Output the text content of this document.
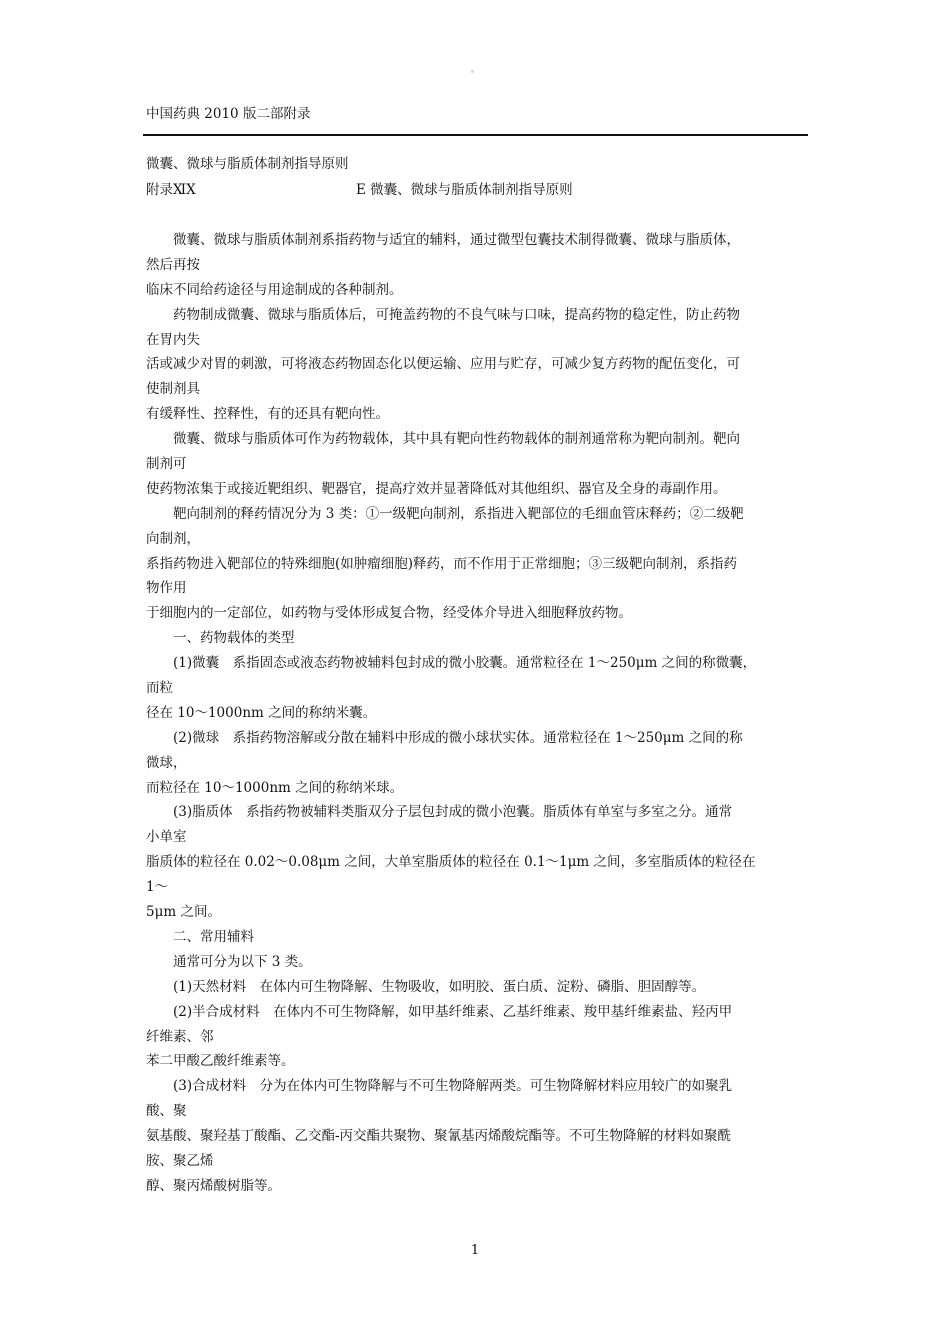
中国药典 2010 版二部附录
微囊、微球与脂质体制剂指导原则
附录ⅪⅩ	E 微囊、微球与脂质体制剂指导原则
微囊、微球与脂质体制剂系指药物与适宜的辅料，通过微型包囊技术制得微囊、微球与脂质体，
然后再按
临床不同给药途径与用途制成的各种制剂。
药物制成微囊、微球与脂质体后，可掩盖药物的不良气味与口味，提高药物的稳定性，防止药物
在胃内失
活或减少对胃的刺激，可将液态药物固态化以便运输、应用与贮存，可减少复方药物的配伍变化，可
使制剂具
有缓释性、控释性，有的还具有靶向性。
微囊、微球与脂质体可作为药物载体，其中具有靶向性药物载体的制剂通常称为靶向制剂。靶向
制剂可
使药物浓集于或接近靶组织、靶器官，提高疗效并显著降低对其他组织、器官及全身的毒副作用。
靶向制剂的释药情况分为 3 类：①一级靶向制剂，系指进入靶部位的毛细血管床释药；②二级靶
向制剂，
系指药物进入靶部位的特殊细胞(如肿瘤细胞)释药，而不作用于正常细胞；③三级靶向制剂，系指药
物作用
于细胞内的一定部位，如药物与受体形成复合物，经受体介导进入细胞释放药物。
一、药物载体的类型
(1)微囊　系指固态或液态药物被辅料包封成的微小胶囊。通常粒径在 1～250μm 之间的称微囊，
而粒
径在 10～1000nm 之间的称纳米囊。
(2)微球　系指药物溶解或分散在辅料中形成的微小球状实体。通常粒径在 1～250μm 之间的称
微球，
而粒径在 10～1000nm 之间的称纳米球。
(3)脂质体　系指药物被辅料类脂双分子层包封成的微小泡囊。脂质体有单室与多室之分。通常
小单室
脂质体的粒径在 0.02～0.08μm 之间，大单室脂质体的粒径在 0.1～1μm 之间，多室脂质体的粒径在
1～
5μm 之间。
二、常用辅料
通常可分为以下 3 类。
(1)天然材料　在体内可生物降解、生物吸收，如明胶、蛋白质、淀粉、磷脂、胆固醇等。
(2)半合成材料　在体内不可生物降解，如甲基纤维素、乙基纤维素、羧甲基纤维素盐、羟丙甲
纤维素、邻
苯二甲酸乙酸纤维素等。
(3)合成材料　分为在体内可生物降解与不可生物降解两类。可生物降解材料应用较广的如聚乳
酸、聚
氨基酸、聚羟基丁酸酯、乙交酯-丙交酯共聚物、聚氰基丙烯酸烷酯等。不可生物降解的材料如聚酰
胺、聚乙烯
醇、聚丙烯酸树脂等。
1
